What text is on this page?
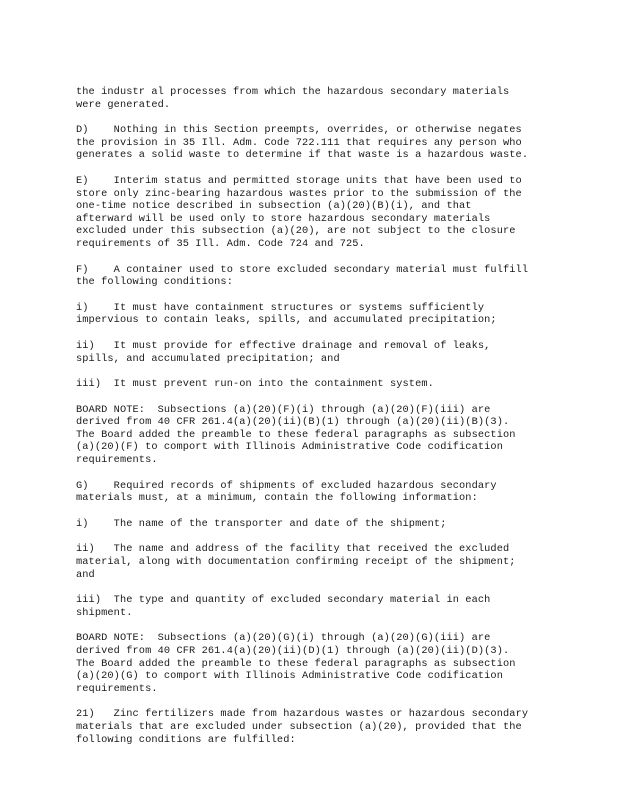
the industr al processes from which the hazardous secondary materials
were generated.
D)    Nothing in this Section preempts, overrides, or otherwise negates
the provision in 35 Ill. Adm. Code 722.111 that requires any person who
generates a solid waste to determine if that waste is a hazardous waste.
E)    Interim status and permitted storage units that have been used to
store only zinc-bearing hazardous wastes prior to the submission of the
one-time notice described in subsection (a)(20)(B)(i), and that
afterward will be used only to store hazardous secondary materials
excluded under this subsection (a)(20), are not subject to the closure
requirements of 35 Ill. Adm. Code 724 and 725.
F)    A container used to store excluded secondary material must fulfill
the following conditions:
i)    It must have containment structures or systems sufficiently
impervious to contain leaks, spills, and accumulated precipitation;
ii)   It must provide for effective drainage and removal of leaks,
spills, and accumulated precipitation; and
iii)  It must prevent run-on into the containment system.
BOARD NOTE:  Subsections (a)(20)(F)(i) through (a)(20)(F)(iii) are
derived from 40 CFR 261.4(a)(20)(ii)(B)(1) through (a)(20)(ii)(B)(3).
The Board added the preamble to these federal paragraphs as subsection
(a)(20)(F) to comport with Illinois Administrative Code codification
requirements.
G)    Required records of shipments of excluded hazardous secondary
materials must, at a minimum, contain the following information:
i)    The name of the transporter and date of the shipment;
ii)   The name and address of the facility that received the excluded
material, along with documentation confirming receipt of the shipment;
and
iii)  The type and quantity of excluded secondary material in each
shipment.
BOARD NOTE:  Subsections (a)(20)(G)(i) through (a)(20)(G)(iii) are
derived from 40 CFR 261.4(a)(20)(ii)(D)(1) through (a)(20)(ii)(D)(3).
The Board added the preamble to these federal paragraphs as subsection
(a)(20)(G) to comport with Illinois Administrative Code codification
requirements.
21)   Zinc fertilizers made from hazardous wastes or hazardous secondary
materials that are excluded under subsection (a)(20), provided that the
following conditions are fulfilled:
